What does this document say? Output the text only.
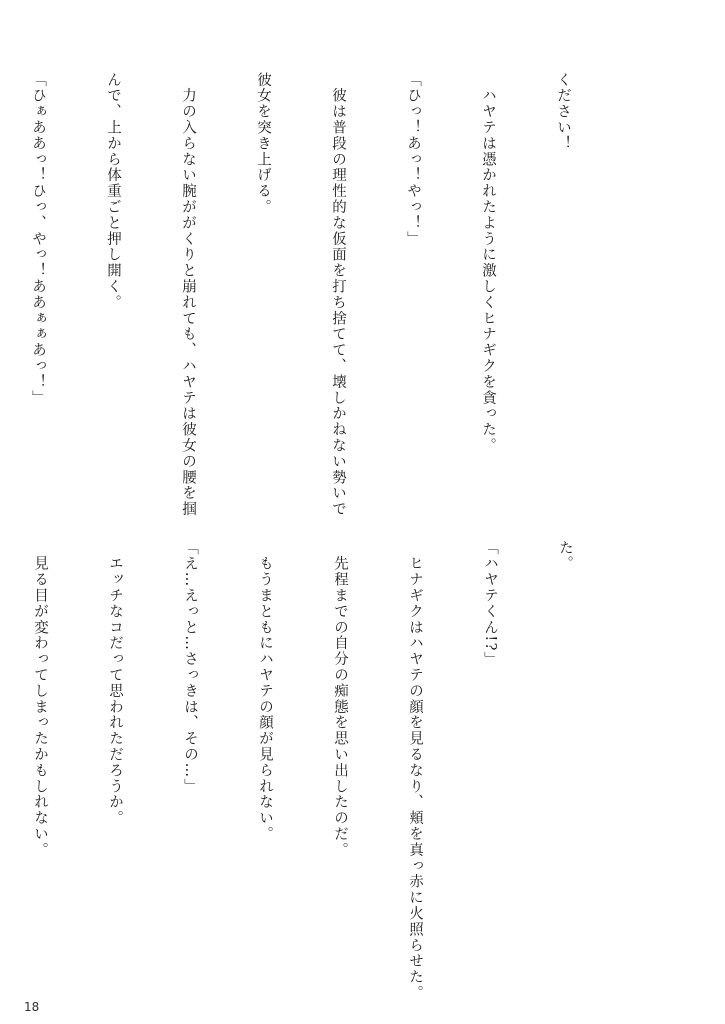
ください！

　ハヤテは憑かれたように激しくヒナギクを貪った。

「ひっ！あっ！やっ！」

　彼は普段の理性的な仮面を打ち捨てて、壊しかねない勢いで

彼女を突き上げる。

　力の入らない腕ががくりと崩れても、ハヤテは彼女の腰を掴

んで、上から体重ごと押し開く。

「ひぁああっ！ひっ、やっ！ああぁぁあっ！」

た。

「ハヤテくん!?」

　ヒナギクはハヤテの顔を見るなり、頬を真っ赤に火照らせた。

　先程までの自分の痴態を思い出したのだ。

　もうまともにハヤテの顔が見られない。

「え…えっと…さっきは、その…」

　エッチなコだって思われただろうか。

　見る目が変わってしまったかもしれない。

18
